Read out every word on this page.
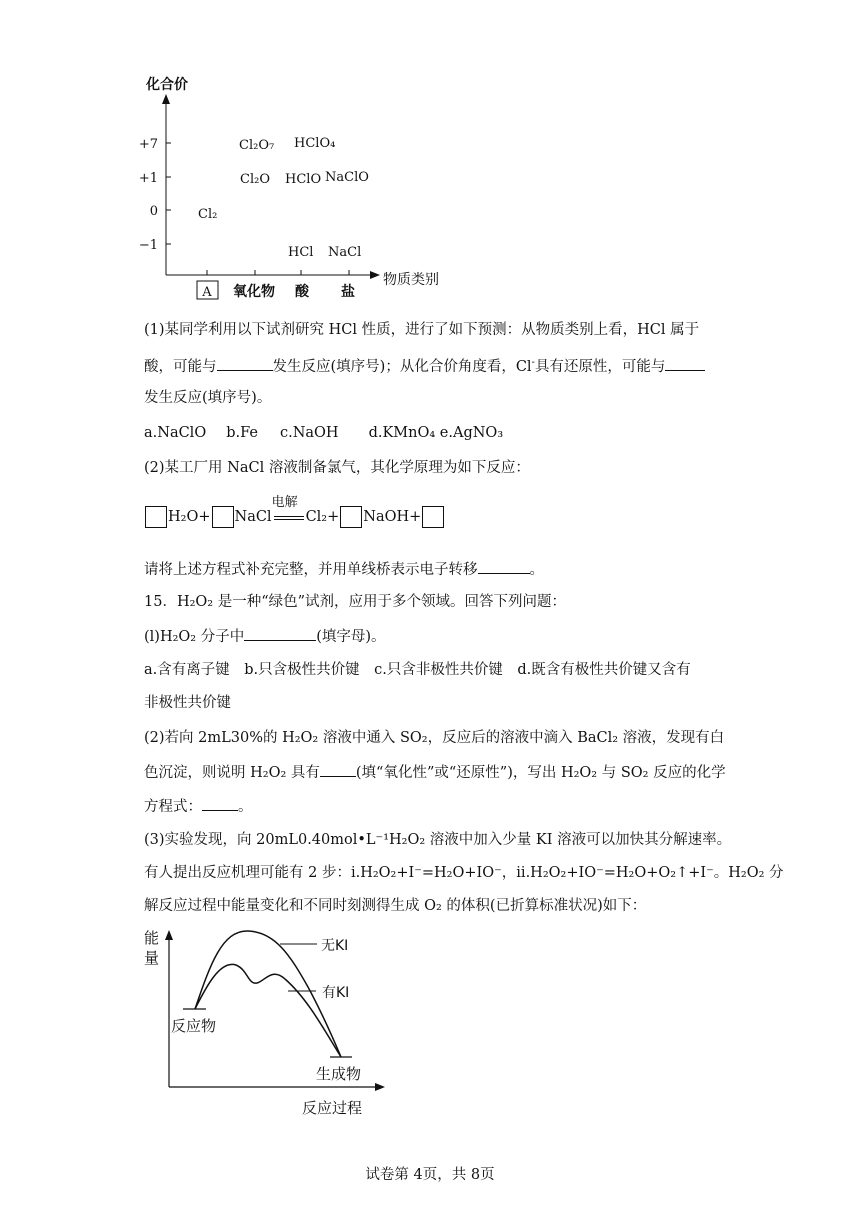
化合价
物质类别
+7
+1
0
−1
A 氧化物 酸 盐
Cl₂O₇ HClO₄
Cl₂O HClO NaClO
Cl₂
HCl NaCl
(1)某同学利用以下试剂研究 HCl 性质，进行了如下预测：从物质类别上看，HCl 属于
酸，可能与	发生反应(填序号)；从化合价角度看，Cl-具有还原性，可能与
发生反应(填序号)。
a.NaClO b.Fe c.NaOH d.KMnO₄ e.AgNO₃
(2)某工厂用 NaCl 溶液制备氯气，其化学原理为如下反应：
H₂O+ NaCl
电解
Cl₂+ NaOH+
请将上述方程式补充完整，并用单线桥表示电子转移	。
15．H₂O₂ 是一种“绿色”试剂，应用于多个领域。回答下列问题：
(l)H₂O₂ 分子中	(填字母)。
a.含有离子键　b.只含极性共价键　c.只含非极性共价键　d.既含有极性共价键又含有
非极性共价键
(2)若向 2mL30%的 H₂O₂ 溶液中通入 SO₂，反应后的溶液中滴入 BaCl₂ 溶液，发现有白
色沉淀，则说明 H₂O₂ 具有 (填“氧化性”或“还原性”)，写出 H₂O₂ 与 SO₂ 反应的化学
方程式： 。
(3)实验发现，向 20mL0.40mol•L⁻¹H₂O₂ 溶液中加入少量 KI 溶液可以加快其分解速率。
有人提出反应机理可能有 2 步：i.H₂O₂+I⁻=H₂O+IO⁻，ii.H₂O₂+IO⁻=H₂O+O₂↑+I⁻。H₂O₂ 分
解反应过程中能量变化和不同时刻测得生成 O₂ 的体积(已折算标准状况)如下：
能
量
反应过程
无KI
有KI
反应物
生成物
试卷第 4页，共 8页
